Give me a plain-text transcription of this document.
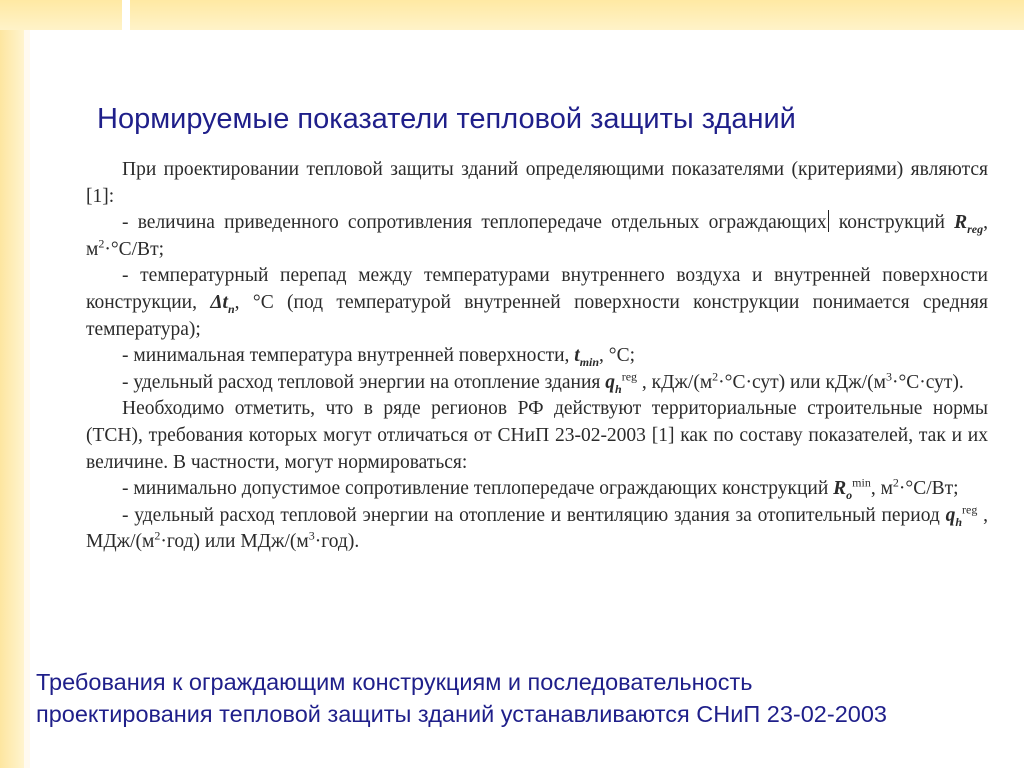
Нормируемые показатели тепловой защиты зданий

При проектировании тепловой защиты зданий определяющими показателями (критериями) являются [1]:

- величина приведенного сопротивления теплопередаче отдельных ограждающих конструкций $R_{reg}$, $м^2\cdot^\circ С/Вт$;

- температурный перепад между температурами внутреннего воздуха и внутренней поверхности конструкции, $\Delta t_n$, °С (под температурой внутренней поверхности конструкции понимается средняя температура);

- минимальная температура внутренней поверхности, $t_{min}$, °С;

- удельный расход тепловой энергии на отопление здания $q_h^{reg}$ , кДж/$(м^2\cdot^\circ С\cdot сут)$ или кДж/$(м^3\cdot^\circ С\cdot сут)$.

Необходимо отметить, что в ряде регионов РФ действуют территориальные строительные нормы (ТСН), требования которых могут отличаться от СНиП 23-02-2003 [1] как по составу показателей, так и их величине. В частности, могут нормироваться:

- минимально допустимое сопротивление теплопередаче ограждающих конструкций $R_o^{min}$, $м^2\cdot^\circ С/Вт$;

- удельный расход тепловой энергии на отопление и вентиляцию здания за отопительный период $q_h^{reg}$ , МДж/$(м^2\cdot год)$ или МДж/$(м^3\cdot год)$.

Требования к ограждающим конструкциям и последовательность
проектирования тепловой защиты зданий устанавливаются СНиП 23-02-2003
